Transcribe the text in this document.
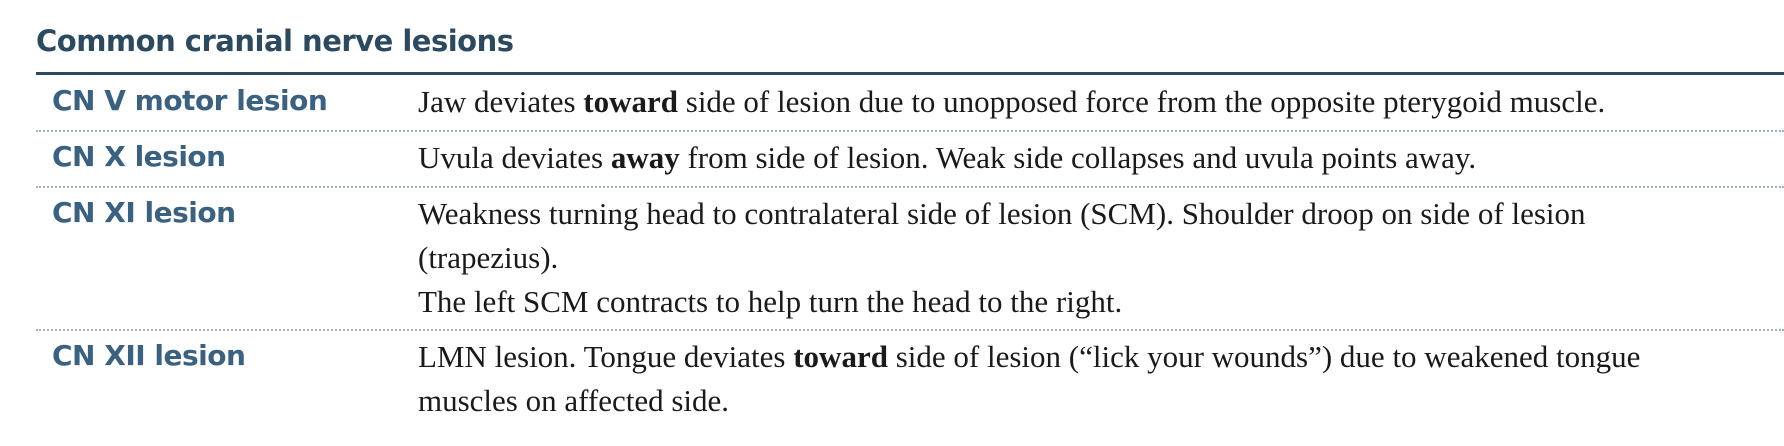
Common cranial nerve lesions
CN V motor lesion	Jaw deviates toward side of lesion due to unopposed force from the opposite pterygoid muscle.
CN X lesion	Uvula deviates away from side of lesion. Weak side collapses and uvula points away.
CN XI lesion	Weakness turning head to contralateral side of lesion (SCM). Shoulder droop on side of lesion
(trapezius).
The left SCM contracts to help turn the head to the right.
CN XII lesion	LMN lesion. Tongue deviates toward side of lesion (“lick your wounds”) due to weakened tongue
muscles on affected side.
